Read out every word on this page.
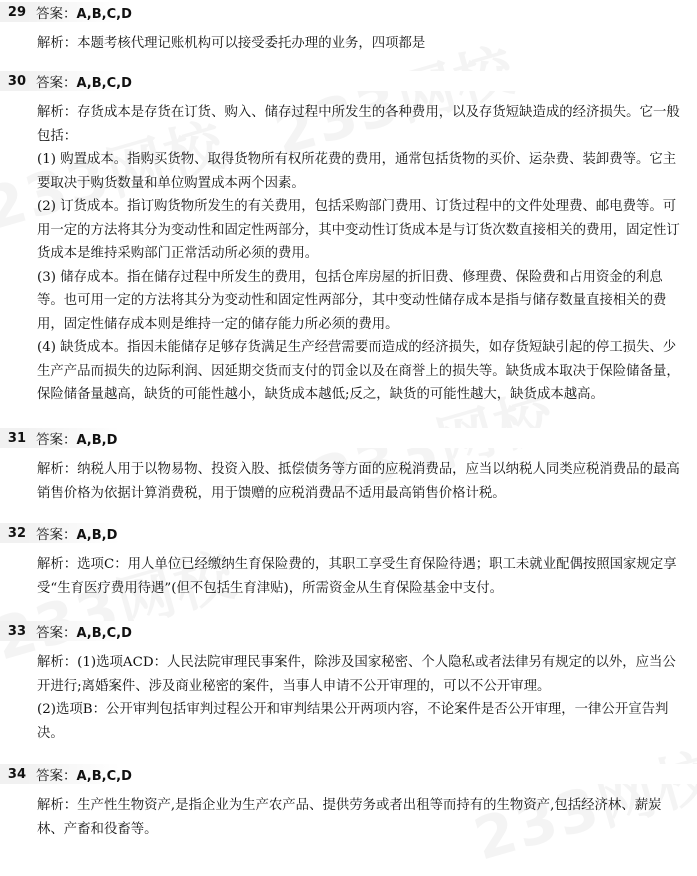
29 答案：A,B,C,D

解析：本题考核代理记账机构可以接受委托办理的业务，四项都是

30 答案：A,B,C,D

解析：存货成本是存货在订货、购入、储存过程中所发生的各种费用，以及存货短缺造成的经济损失。它一般

包括：

(1) 购置成本。指购买货物、取得货物所有权所花费的费用，通常包括货物的买价、运杂费、装卸费等。它主

要取决于购货数量和单位购置成本两个因素。

(2) 订货成本。指订购货物所发生的有关费用，包括采购部门费用、订货过程中的文件处理费、邮电费等。可

用一定的方法将其分为变动性和固定性两部分，其中变动性订货成本是与订货次数直接相关的费用，固定性订

货成本是维持采购部门正常活动所必须的费用。

(3) 储存成本。指在储存过程中所发生的费用，包括仓库房屋的折旧费、修理费、保险费和占用资金的利息

等。也可用一定的方法将其分为变动性和固定性两部分，其中变动性储存成本是指与储存数量直接相关的费

用，固定性储存成本则是维持一定的储存能力所必须的费用。

(4) 缺货成本。指因未能储存足够存货满足生产经营需要而造成的经济损失，如存货短缺引起的停工损失、少

生产产品而损失的边际利润、因延期交货而支付的罚金以及在商誉上的损失等。缺货成本取决于保险储备量，

保险储备量越高，缺货的可能性越小，缺货成本越低;反之，缺货的可能性越大，缺货成本越高。

31 答案：A,B,D

解析：纳税人用于以物易物、投资入股、抵偿债务等方面的应税消费品，应当以纳税人同类应税消费品的最高

销售价格为依据计算消费税，用于馈赠的应税消费品不适用最高销售价格计税。

32 答案：A,B,D

解析：选项C：用人单位已经缴纳生育保险费的，其职工享受生育保险待遇；职工未就业配偶按照国家规定享

受“生育医疗费用待遇”(但不包括生育津贴)，所需资金从生育保险基金中支付。

33 答案：A,B,C,D

解析：(1)选项ACD：人民法院审理民事案件，除涉及国家秘密、个人隐私或者法律另有规定的以外，应当公

开进行;离婚案件、涉及商业秘密的案件，当事人申请不公开审理的，可以不公开审理。

(2)选项B：公开审判包括审判过程公开和审判结果公开两项内容，不论案件是否公开审理，一律公开宣告判

决。

34 答案：A,B,C,D

解析：生产性生物资产,是指企业为生产农产品、提供劳务或者出租等而持有的生物资产,包括经济林、薪炭

林、产畜和役畜等。
